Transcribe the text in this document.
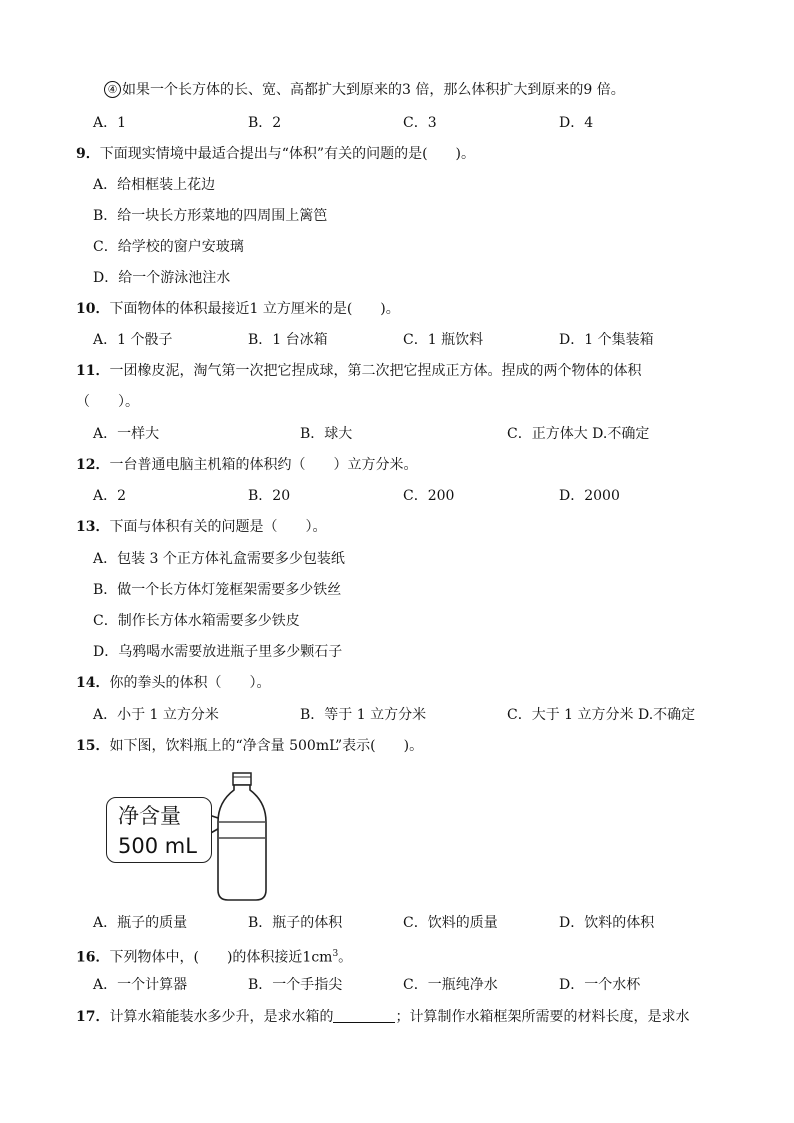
④ 如果一个长方体的长、宽、高都扩大到原来的3 倍，那么体积扩大到原来的9 倍。
A．1	B．2	C．3	D．4
9．下面现实情境中最适合提出与“体积”有关的问题的是(　　)。
A．给相框装上花边
B．给一块长方形菜地的四周围上篱笆
C．给学校的窗户安玻璃
D．给一个游泳池注水
10．下面物体的体积最接近1 立方厘米的是(　　)。
A．1 个骰子	B．1 台冰箱	C．1 瓶饮料	D．1 个集装箱
11．一团橡皮泥，淘气第一次把它捏成球，第二次把它捏成正方体。捏成的两个物体的体积
（　　）。
A．一样大	B．球大	C．正方体大 D.不确定
12．一台普通电脑主机箱的体积约（　　）立方分米。
A．2	B．20	C．200	D．2000
13．下面与体积有关的问题是（　　）。
A．包装 3 个正方体礼盒需要多少包装纸
B．做一个长方体灯笼框架需要多少铁丝
C．制作长方体水箱需要多少铁皮
D．乌鸦喝水需要放进瓶子里多少颗石子
14．你的拳头的体积（　　）。
A．小于 1 立方分米	B．等于 1 立方分米	C．大于 1 立方分米 D.不确定
15．如下图，饮料瓶上的“净含量 500mL”表示(　　)。
净含量
500 mL
A．瓶子的质量	B．瓶子的体积	C．饮料的质量	D．饮料的体积
16．下列物体中，(　　)的体积接近$1cm^3$。
A．一个计算器	B．一个手指尖	C．一瓶纯净水	D．一个水杯
17．计算水箱能装水多少升，是求水箱的	；计算制作水箱框架所需要的材料长度，是求水
